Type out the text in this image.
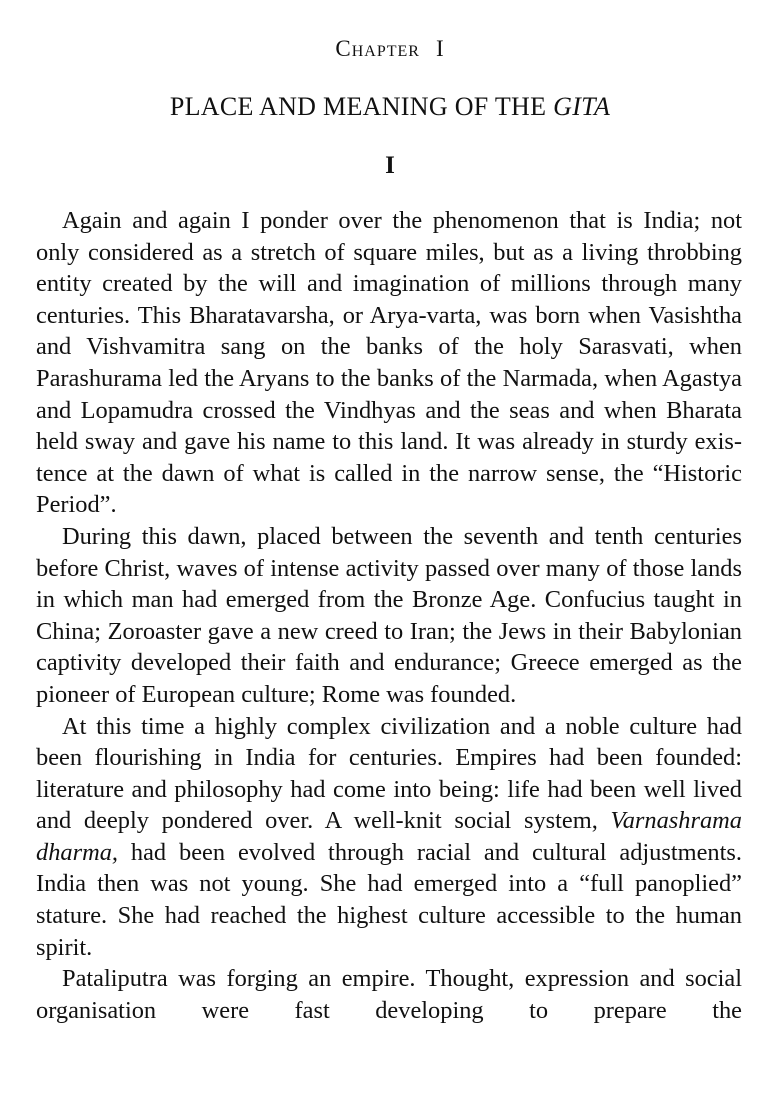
Chapter I
PLACE AND MEANING OF THE GITA
I

Again and again I ponder over the phenomenon that is India; not only considered as a stretch of square miles, but as a living throbbing entity created by the will and imagination of millions through many centuries. This Bharatavarsha, or Arya-varta, was born when Vasishtha and Vishvamitra sang on the banks of the holy Sarasvati, when Parashurama led the Aryans to the banks of the Narmada, when Agastya and Lopamudra crossed the Vindhyas and the seas and when Bharata held sway and gave his name to this land. It was already in sturdy exis-tence at the dawn of what is called in the narrow sense, the “Historic Period”.

During this dawn, placed between the seventh and tenth centuries before Christ, waves of intense activity passed over many of those lands in which man had emerged from the Bronze Age. Confucius taught in China; Zoroaster gave a new creed to Iran; the Jews in their Babylonian captivity developed their faith and endurance; Greece emerged as the pioneer of European culture; Rome was founded.

At this time a highly complex civilization and a noble culture had been flourishing in India for centuries. Empires had been founded: literature and philosophy had come into being: life had been well lived and deeply pondered over. A well-knit social system, Varnashrama dharma, had been evolved through racial and cultural adjustments. India then was not young. She had emerged into a “full panoplied” stature. She had reached the highest culture accessible to the human spirit.

Pataliputra was forging an empire. Thought, expression and social organisation were fast developing to prepare the
